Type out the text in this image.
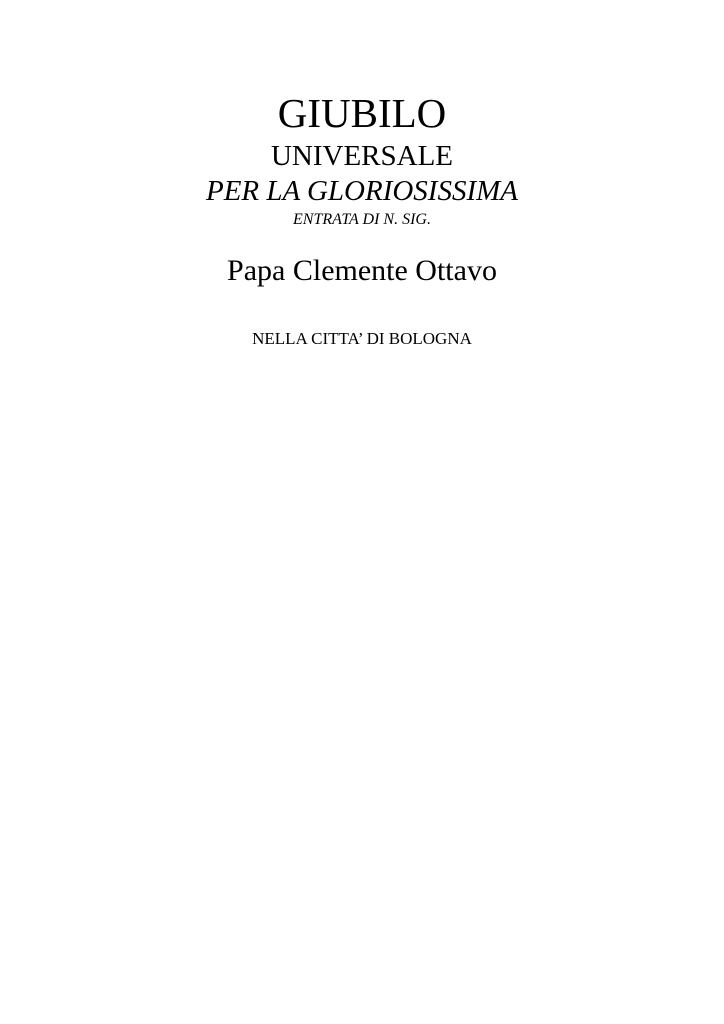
GIUBILO
UNIVERSALE
PER LA GLORIOSISSIMA
ENTRATA DI N. SIG.
Papa Clemente Ottavo
NELLA CITTA’ DI BOLOGNA
